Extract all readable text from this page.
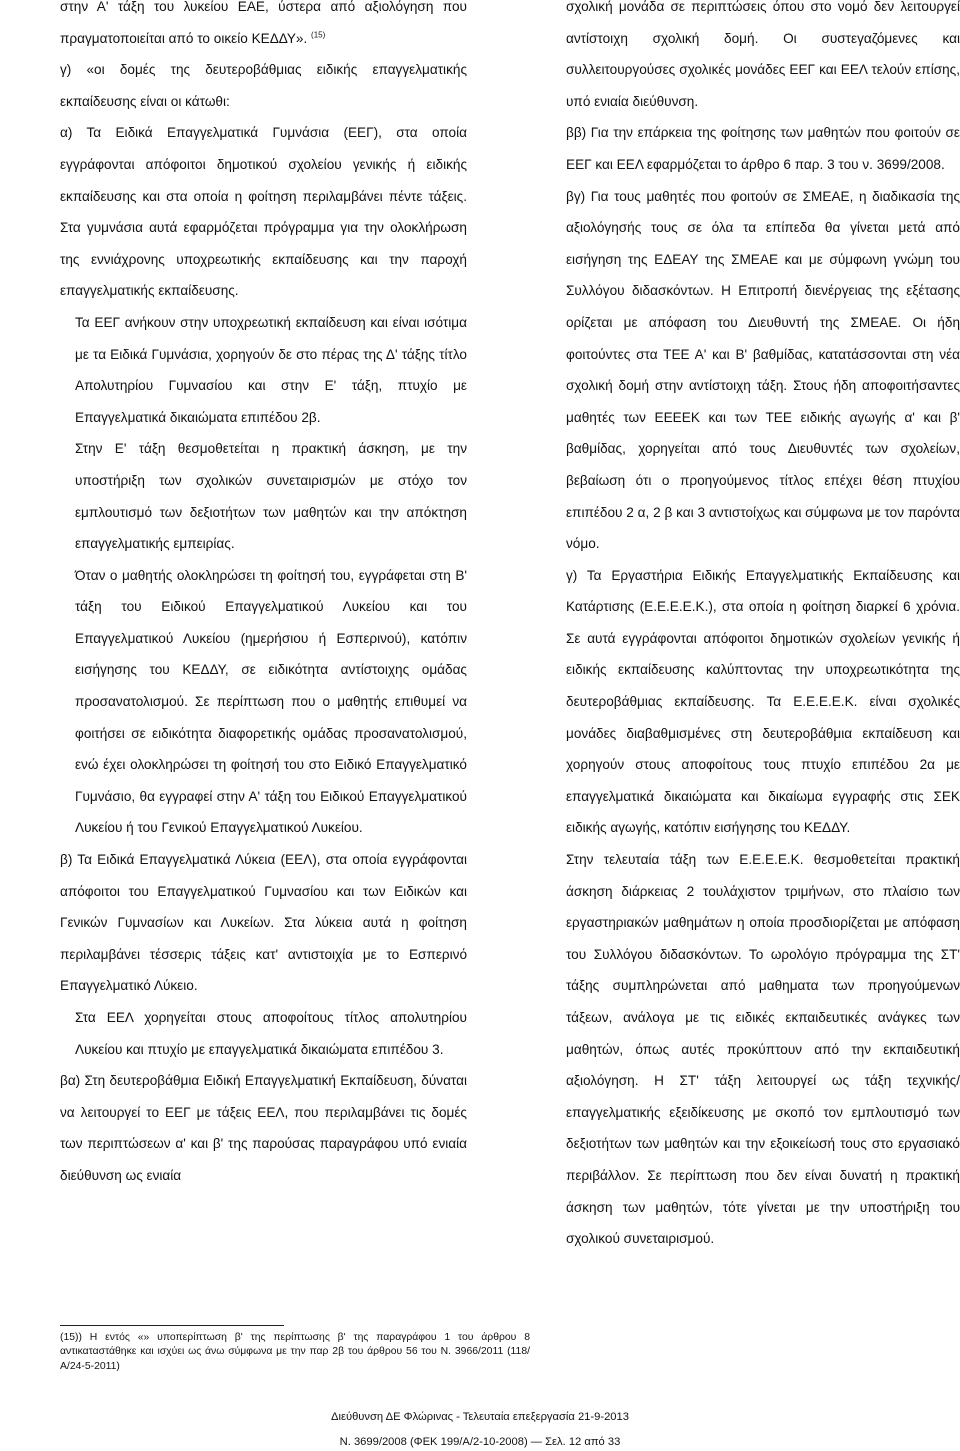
στην Α' τάξη του λυκείου ΕΑΕ, ύστερα από αξιολόγηση που πραγματοποιείται από το οικείο ΚΕΔΔΥ». $^{(15)}$

γ) «οι δομές της δευτεροβάθμιας ειδικής επαγγελματικής εκπαίδευσης είναι οι κάτωθι:

α) Τα Ειδικά Επαγγελματικά Γυμνάσια (ΕΕΓ), στα οποία εγγράφονται απόφοιτοι δημοτικού σχολείου γενικής ή ειδικής εκπαίδευσης και στα οποία η φοίτηση περιλαμβάνει πέντε τάξεις. Στα γυμνάσια αυτά εφαρμόζεται πρόγραμμα για την ολοκλήρωση της εννιάχρονης υποχρεωτικής εκπαίδευσης και την παροχή επαγγελματικής εκπαίδευσης.

Τα ΕΕΓ ανήκουν στην υποχρεωτική εκπαίδευση και είναι ισότιμα με τα Ειδικά Γυμνάσια, χορηγούν δε στο πέρας της Δ' τάξης τίτλο Απολυτηρίου Γυμνασίου και στην Ε' τάξη, πτυχίο με Επαγγελματικά δικαιώματα επιπέδου 2β.

Στην Ε' τάξη θεσμοθετείται η πρακτική άσκηση, με την υποστήριξη των σχολικών συνεταιρισμών με στόχο τον εμπλουτισμό των δεξιοτήτων των μαθητών και την απόκτηση επαγγελματικής εμπειρίας.

Όταν ο μαθητής ολοκληρώσει τη φοίτησή του, εγγράφεται στη Β' τάξη του Ειδικού Επαγγελματικού Λυκείου και του Επαγγελματικού Λυκείου (ημερήσιου ή Εσπερινού), κατόπιν εισήγησης του ΚΕΔΔΥ, σε ειδικότητα αντίστοιχης ομάδας προσανατολισμού. Σε περίπτωση που ο μαθητής επιθυμεί να φοιτήσει σε ειδικότητα διαφορετικής ομάδας προσανατολισμού, ενώ έχει ολοκληρώσει τη φοίτησή του στο Ειδικό Επαγγελματικό Γυμνάσιο, θα εγγραφεί στην Α' τάξη του Ειδικού Επαγγελματικού Λυκείου ή του Γενικού Επαγγελματικού Λυκείου.

β) Τα Ειδικά Επαγγελματικά Λύκεια (ΕΕΛ), στα οποία εγγράφονται απόφοιτοι του Επαγγελματικού Γυμνασίου και των Ειδικών και Γενικών Γυμνασίων και Λυκείων. Στα λύκεια αυτά η φοίτηση περιλαμβάνει τέσσερις τάξεις κατ' αντιστοιχία με το Εσπερινό Επαγγελματικό Λύκειο.

Στα ΕΕΛ χορηγείται στους αποφοίτους τίτλος απολυτηρίου Λυκείου και πτυχίο με επαγγελματικά δικαιώματα επιπέδου 3.

βα) Στη δευτεροβάθμια Ειδική Επαγγελματική Εκπαίδευση, δύναται να λειτουργεί το ΕΕΓ με τάξεις ΕΕΛ, που περιλαμβάνει τις δομές των περιπτώσεων α' και β' της παρούσας παραγράφου υπό ενιαία διεύθυνση ως ενιαία

(15)) Η εντός «» υποπερίπτωση β' της περίπτωσης β' της παραγράφου 1 του άρθρου 8 αντικαταστάθηκε και ισχύει ως άνω σύμφωνα με την παρ 2β του άρθρου 56 του Ν. 3966/2011 (118/Α/24-5-2011)

σχολική μονάδα σε περιπτώσεις όπου στο νομό δεν λειτουργεί αντίστοιχη σχολική δομή. Οι συστεγαζόμενες και συλλειτουργούσες σχολικές μονάδες ΕΕΓ και ΕΕΛ τελούν επίσης, υπό ενιαία διεύθυνση.

ββ) Για την επάρκεια της φοίτησης των μαθητών που φοιτούν σε ΕΕΓ και ΕΕΛ εφαρμόζεται το άρθρο 6 παρ. 3 του ν. 3699/2008.

βγ) Για τους μαθητές που φοιτούν σε ΣΜΕΑΕ, η διαδικασία της αξιολόγησής τους σε όλα τα επίπεδα θα γίνεται μετά από εισήγηση της ΕΔΕΑΥ της ΣΜΕΑΕ και με σύμφωνη γνώμη του Συλλόγου διδασκόντων. Η Επιτροπή διενέργειας της εξέτασης ορίζεται με απόφαση του Διευθυντή της ΣΜΕΑΕ. Οι ήδη φοιτούντες στα ΤΕΕ Α' και Β' βαθμίδας, κατατάσσονται στη νέα σχολική δομή στην αντίστοιχη τάξη. Στους ήδη αποφοιτήσαντες μαθητές των ΕΕΕΕΚ και των ΤΕΕ ειδικής αγωγής α' και β' βαθμίδας, χορηγείται από τους Διευθυντές των σχολείων, βεβαίωση ότι ο προηγούμενος τίτλος επέχει θέση πτυχίου επιπέδου 2 α, 2 β και 3 αντιστοίχως και σύμφωνα με τον παρόντα νόμο.

γ) Τα Εργαστήρια Ειδικής Επαγγελματικής Εκπαίδευσης και Κατάρτισης (Ε.Ε.Ε.Ε.Κ.), στα οποία η φοίτηση διαρκεί 6 χρόνια. Σε αυτά εγγράφονται απόφοιτοι δημοτικών σχολείων γενικής ή ειδικής εκπαίδευσης καλύπτοντας την υποχρεωτικότητα της δευτεροβάθμιας εκπαίδευσης. Τα Ε.Ε.Ε.Ε.Κ. είναι σχολικές μονάδες διαβαθμισμένες στη δευτεροβάθμια εκπαίδευση και χορηγούν στους αποφοίτους τους πτυχίο επιπέδου 2α με επαγγελματικά δικαιώματα και δικαίωμα εγγραφής στις ΣΕΚ ειδικής αγωγής, κατόπιν εισήγησης του ΚΕΔΔΥ.

Στην τελευταία τάξη των Ε.Ε.Ε.Ε.Κ. θεσμοθετείται πρακτική άσκηση διάρκειας 2 τουλάχιστον τριμήνων, στο πλαίσιο των εργαστηριακών μαθημάτων η οποία προσδιορίζεται με απόφαση του Συλλόγου διδασκόντων. Το ωρολόγιο πρόγραμμα της ΣΤ' τάξης συμπληρώνεται από μαθηματα των προηγούμενων τάξεων, ανάλογα με τις ειδικές εκπαιδευτικές ανάγκες των μαθητών, όπως αυτές προκύπτουν από την εκπαιδευτική αξιολόγηση. Η ΣΤ' τάξη λειτουργεί ως τάξη τεχνικής/επαγγελματικής εξειδίκευσης με σκοπό τον εμπλουτισμό των δεξιοτήτων των μαθητών και την εξοικείωσή τους στο εργασιακό περιβάλλον. Σε περίπτωση που δεν είναι δυνατή η πρακτική άσκηση των μαθητών, τότε γίνεται με την υποστήριξη του σχολικού συνεταιρισμού.

Διεύθυνση ΔΕ Φλώρινας - Τελευταία επεξεργασία 21-9-2013
Ν. 3699/2008 (ΦΕΚ 199/Α/2-10-2008) — Σελ. 12 από 33
